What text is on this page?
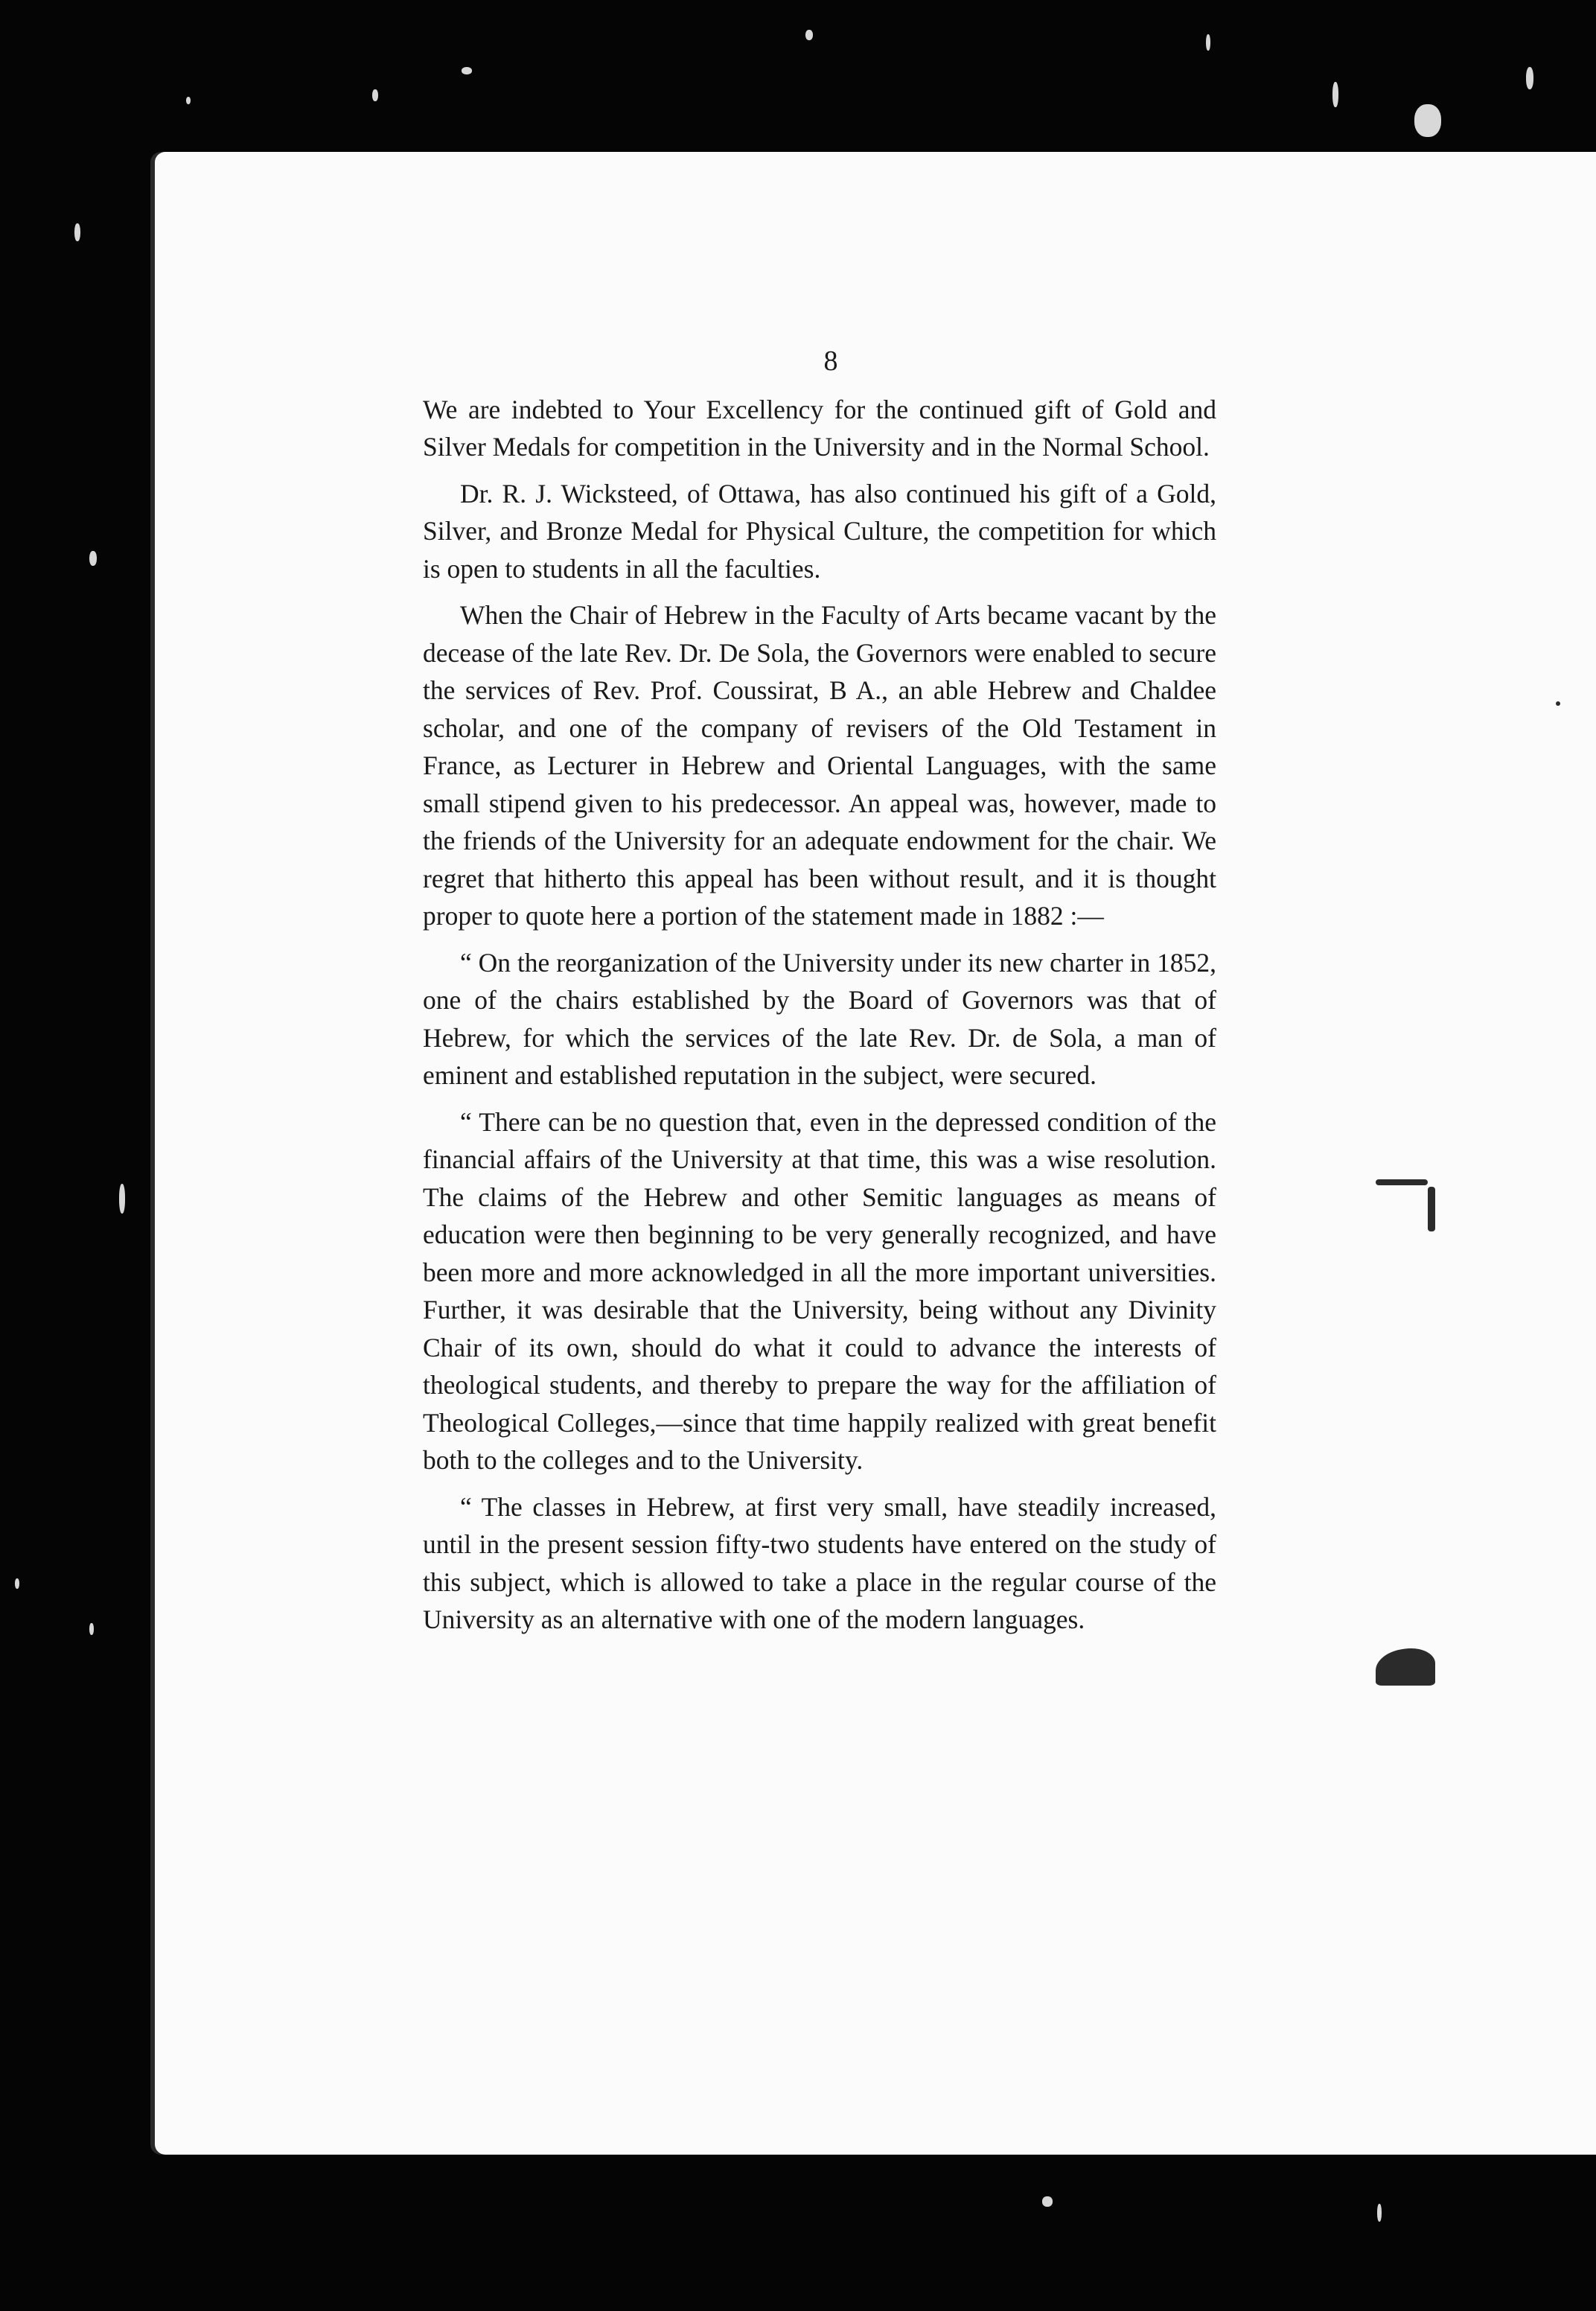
8

We are indebted to Your Excellency for the continued gift of Gold and Silver Medals for competition in the University and in the Normal School.

Dr. R. J. Wicksteed, of Ottawa, has also continued his gift of a Gold, Silver, and Bronze Medal for Physical Culture, the competition for which is open to students in all the faculties.

When the Chair of Hebrew in the Faculty of Arts became vacant by the decease of the late Rev. Dr. De Sola, the Governors were enabled to secure the services of Rev. Prof. Coussirat, B A., an able Hebrew and Chaldee scholar, and one of the company of revisers of the Old Testament in France, as Lecturer in Hebrew and Oriental Languages, with the same small stipend given to his predecessor. An appeal was, however, made to the friends of the University for an adequate endowment for the chair. We regret that hitherto this appeal has been without result, and it is thought proper to quote here a portion of the statement made in 1882 :—

“ On the reorganization of the University under its new charter in 1852, one of the chairs established by the Board of Governors was that of Hebrew, for which the services of the late Rev. Dr. de Sola, a man of eminent and established reputation in the subject, were secured.

“ There can be no question that, even in the depressed condition of the financial affairs of the University at that time, this was a wise resolution. The claims of the Hebrew and other Semitic languages as means of education were then beginning to be very generally recognized, and have been more and more acknowledged in all the more important universities. Further, it was desirable that the University, being without any Divinity Chair of its own, should do what it could to advance the interests of theological students, and thereby to prepare the way for the affiliation of Theological Colleges,—since that time happily realized with great benefit both to the colleges and to the University.

“ The classes in Hebrew, at first very small, have steadily increased, until in the present session fifty-two students have entered on the study of this subject, which is allowed to take a place in the regular course of the University as an alternative with one of the modern languages.
